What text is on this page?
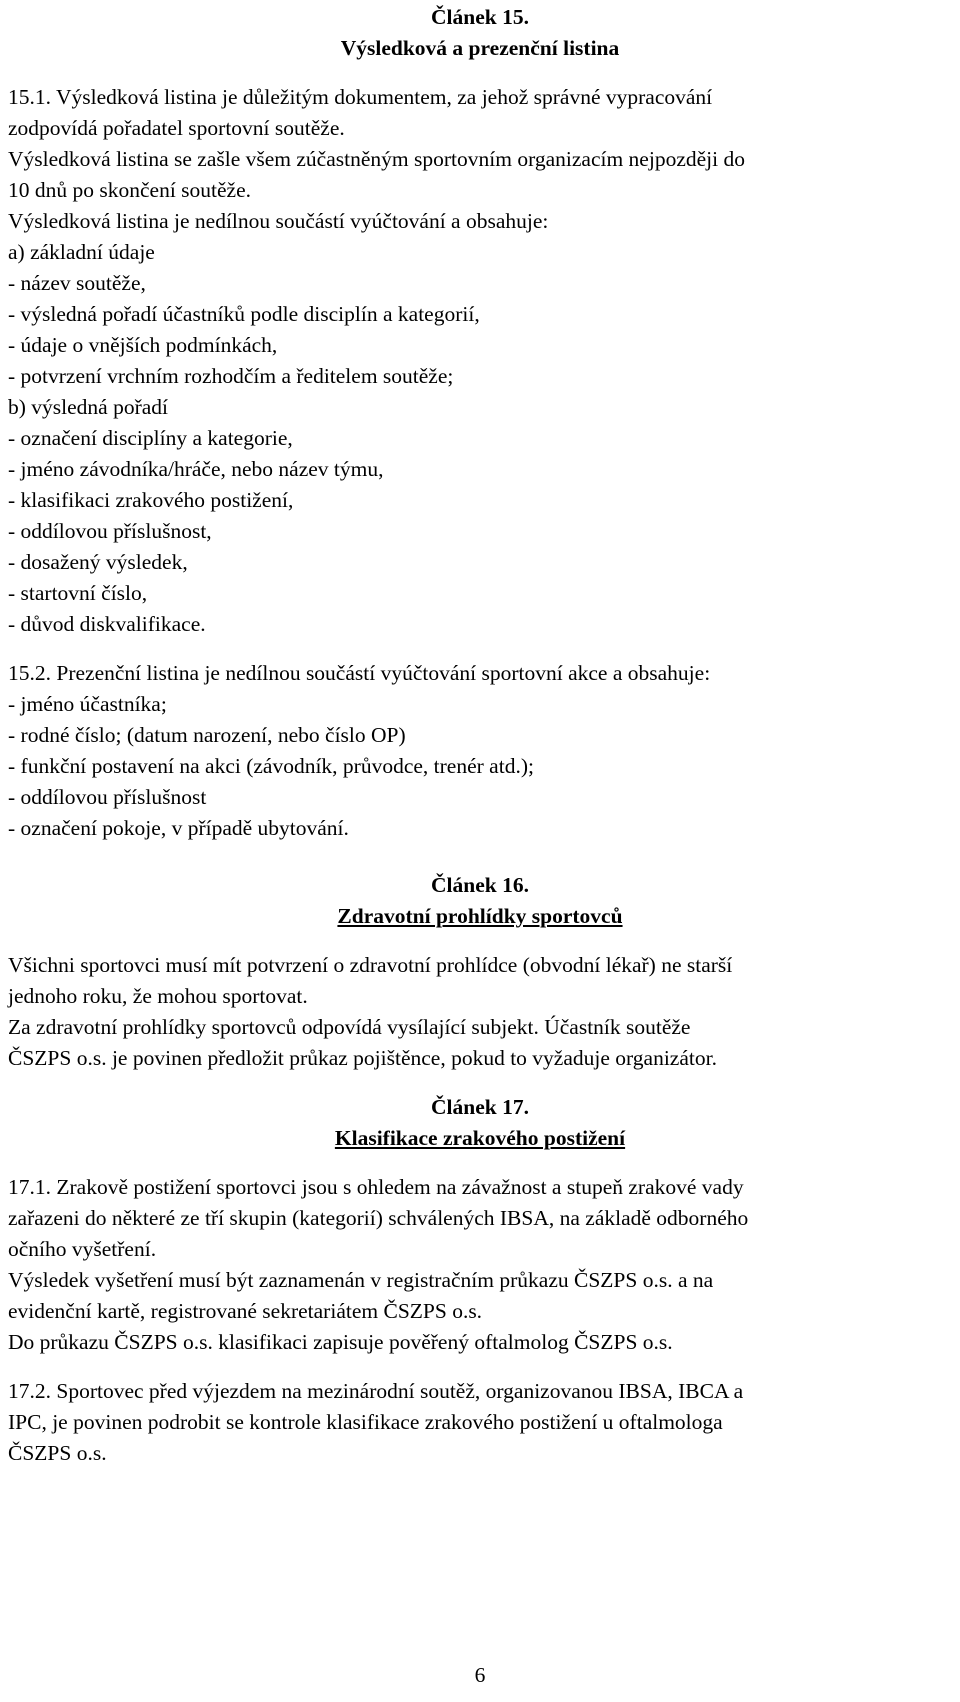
Článek 15.
Výsledková a prezenční listina
15.1. Výsledková listina je důležitým dokumentem, za jehož správné vypracování
zodpovídá pořadatel sportovní soutěže.
Výsledková listina se zašle všem zúčastněným sportovním organizacím nejpozději do
10 dnů po skončení soutěže.
Výsledková listina je nedílnou součástí vyúčtování a obsahuje:
a) základní údaje
- název soutěže,
- výsledná pořadí účastníků podle disciplín a kategorií,
- údaje o vnějších podmínkách,
- potvrzení vrchním rozhodčím a ředitelem soutěže;
b) výsledná pořadí
- označení disciplíny a kategorie,
- jméno závodníka/hráče, nebo název týmu,
- klasifikaci zrakového postižení,
- oddílovou příslušnost,
- dosažený výsledek,
- startovní číslo,
- důvod diskvalifikace.
15.2. Prezenční listina je nedílnou součástí vyúčtování sportovní akce a obsahuje:
- jméno účastníka;
- rodné číslo; (datum narození, nebo číslo OP)
- funkční postavení na akci (závodník, průvodce, trenér atd.);
- oddílovou příslušnost
- označení pokoje, v případě ubytování.
Článek 16.
Zdravotní prohlídky sportovců
Všichni sportovci musí mít potvrzení o zdravotní prohlídce (obvodní lékař) ne starší
jednoho roku, že mohou sportovat.
Za zdravotní prohlídky sportovců odpovídá vysílající subjekt. Účastník soutěže
ČSZPS o.s. je povinen předložit průkaz pojištěnce, pokud to vyžaduje organizátor.
Článek 17.
Klasifikace zrakového postižení
17.1. Zrakově postižení sportovci jsou s ohledem na závažnost a stupeň zrakové vady
zařazeni do některé ze tří skupin (kategorií) schválených IBSA, na základě odborného
očního vyšetření.
Výsledek vyšetření musí být zaznamenán v registračním průkazu ČSZPS o.s. a na
evidenční kartě, registrované sekretariátem ČSZPS o.s.
Do průkazu ČSZPS o.s. klasifikaci zapisuje pověřený oftalmolog ČSZPS o.s.
17.2. Sportovec před výjezdem na mezinárodní soutěž, organizovanou IBSA, IBCA a
IPC, je povinen podrobit se kontrole klasifikace zrakového postižení u oftalmologa
ČSZPS o.s.
6
